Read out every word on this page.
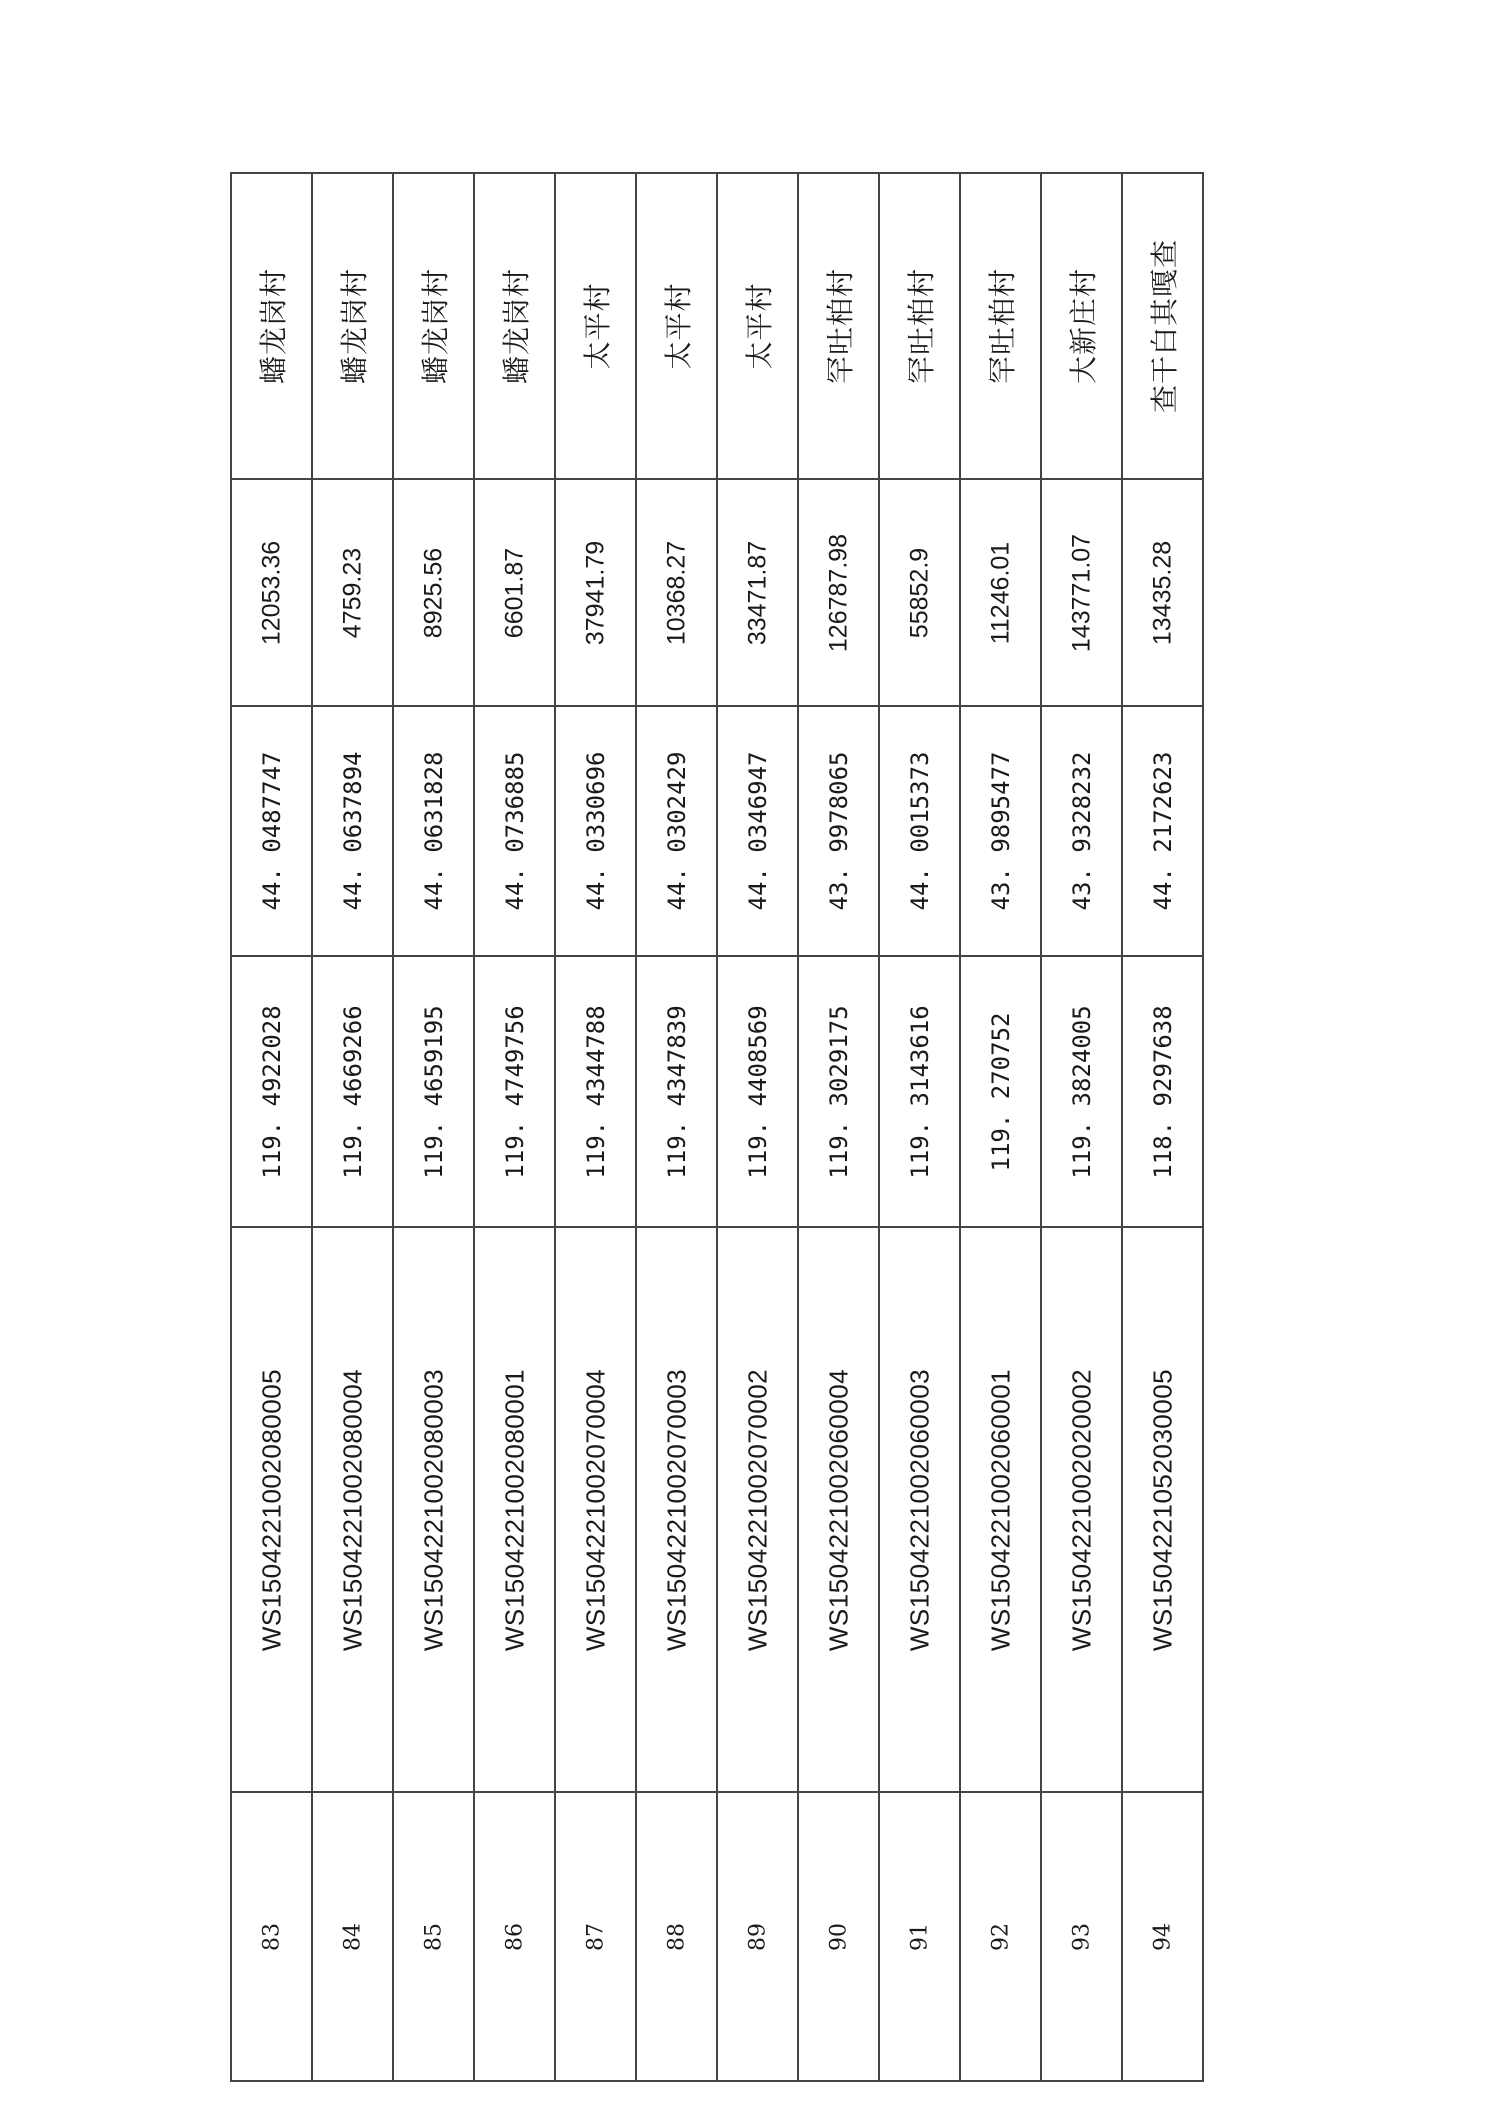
蟠龙岗村
12053.36
44. 0487747
119. 4922028
WS1504221002080005
83
蟠龙岗村
4759.23
44. 0637894
119. 4669266
WS1504221002080004
84
蟠龙岗村
8925.56
44. 0631828
119. 4659195
WS1504221002080003
85
蟠龙岗村
6601.87
44. 0736885
119. 4749756
WS1504221002080001
86
太平村
37941.79
44. 0330696
119. 4344788
WS1504221002070004
87
太平村
10368.27
44. 0302429
119. 4347839
WS1504221002070003
88
太平村
33471.87
44. 0346947
119. 4408569
WS1504221002070002
89
罕吐柏村
126787.98
43. 9978065
119. 3029175
WS1504221002060004
90
罕吐柏村
55852.9
44. 0015373
119. 3143616
WS1504221002060003
91
罕吐柏村
11246.01
43. 9895477
119. 270752
WS1504221002060001
92
大新庄村
143771.07
43. 9328232
119. 3824005
WS1504221002020002
93
查干白其嘎查
13435.28
44. 2172623
118. 9297638
WS1504221052030005
94
